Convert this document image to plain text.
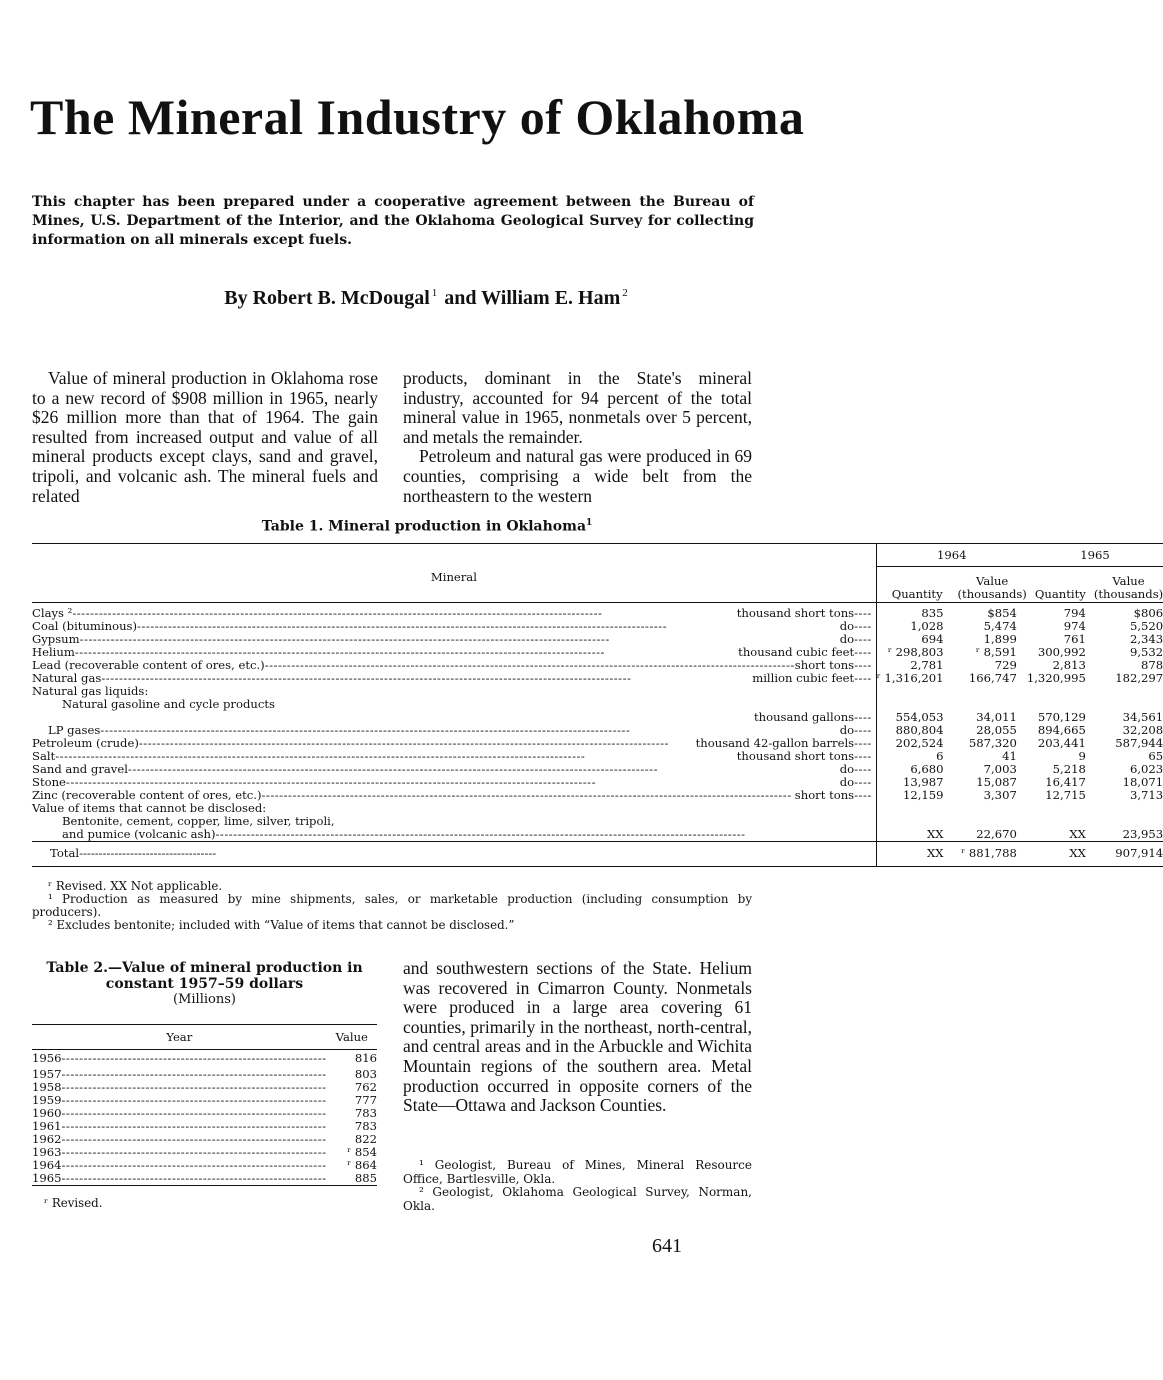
The Mineral Industry of Oklahoma
This chapter has been prepared under a cooperative agreement between the Bureau of Mines, U.S. Department of the Interior, and the Oklahoma Geological Survey for collecting information on all minerals except fuels.
By Robert B. McDougal $^1$ and William E. Ham $^2$

Value of mineral production in Oklahoma rose to a new record of $908 million in 1965, nearly $26 million more than that of 1964. The gain resulted from increased output and value of all mineral products except clays, sand and gravel, tripoli, and volcanic ash. The mineral fuels and related

products, dominant in the State's mineral industry, accounted for 94 percent of the total mineral value in 1965, nonmetals over 5 percent, and metals the remainder.

Petroleum and natural gas were produced in 69 counties, comprising a wide belt from the northeastern to the western

Table 1. Mineral production in Oklahoma$^1$
Mineral	1964		1965	
	Quantity	Value (thousands)	Quantity	Value (thousands)

Clays ² ------------------------------------------------------------------------------------------------------------------------ thousand short tons ----	835	$854	794	$806

Coal (bituminous) ------------------------------------------------------------------------------------------------------------------------ do ----	1,028	5,474	974	5,520

Gypsum ------------------------------------------------------------------------------------------------------------------------ do ----	694	1,899	761	2,343

Helium ------------------------------------------------------------------------------------------------------------------------ thousand cubic feet ----	ʳ 298,803	ʳ 8,591	300,992	9,532

Lead (recoverable content of ores, etc.) ------------------------------------------------------------------------------------------------------------------------ short tons ----	2,781	729	2,813	878

Natural gas ------------------------------------------------------------------------------------------------------------------------ million cubic feet ----	ʳ 1,316,201	166,747	1,320,995	182,297

Natural gas liquids:				

Natural gasoline and cycle products				

thousand gallons ----	554,053	34,011	570,129	34,561

LP gases ------------------------------------------------------------------------------------------------------------------------ do ----	880,804	28,055	894,665	32,208

Petroleum (crude) ------------------------------------------------------------------------------------------------------------------------ thousand 42-gallon barrels ----	202,524	587,320	203,441	587,944

Salt ------------------------------------------------------------------------------------------------------------------------ thousand short tons ----	6	41	9	65

Sand and gravel ------------------------------------------------------------------------------------------------------------------------ do ----	6,680	7,003	5,218	6,023

Stone ------------------------------------------------------------------------------------------------------------------------ do ----	13,987	15,087	16,417	18,071

Zinc (recoverable content of ores, etc.) ------------------------------------------------------------------------------------------------------------------------ short tons ----	12,159	3,307	12,715	3,713

Value of items that cannot be disclosed:				

Bentonite, cement, copper, lime, silver, tripoli,				

and pumice (volcanic ash) ------------------------------------------------------------------------------------------------------------------------	XX	22,670	XX	23,953
Total-----------------------------------	XX	ʳ 881,788	XX	907,914
ʳ Revised. XX Not applicable.
¹ Production as measured by mine shipments, sales, or marketable production (including consumption by producers).
² Excludes bentonite; included with “Value of items that cannot be disclosed.”
Table 2.—Value of mineral production in constant 1957–59 dollars
(Millions)
Year	Value

1956 ------------------------------------------------------------	816

1957 ------------------------------------------------------------	803

1958 ------------------------------------------------------------	762

1959 ------------------------------------------------------------	777

1960 ------------------------------------------------------------	783

1961 ------------------------------------------------------------	783

1962 ------------------------------------------------------------	822

1963 ------------------------------------------------------------	ʳ 854

1964 ------------------------------------------------------------	ʳ 864

1965 ------------------------------------------------------------	885

ʳ Revised.

and southwestern sections of the State. Helium was recovered in Cimarron County. Nonmetals were produced in a large area covering 61 counties, primarily in the northeast, north-central, and central areas and in the Arbuckle and Wichita Mountain regions of the southern area. Metal production occurred in opposite corners of the State—Ottawa and Jackson Counties.

¹ Geologist, Bureau of Mines, Mineral Resource Office, Bartlesville, Okla.
² Geologist, Oklahoma Geological Survey, Norman, Okla.
641
